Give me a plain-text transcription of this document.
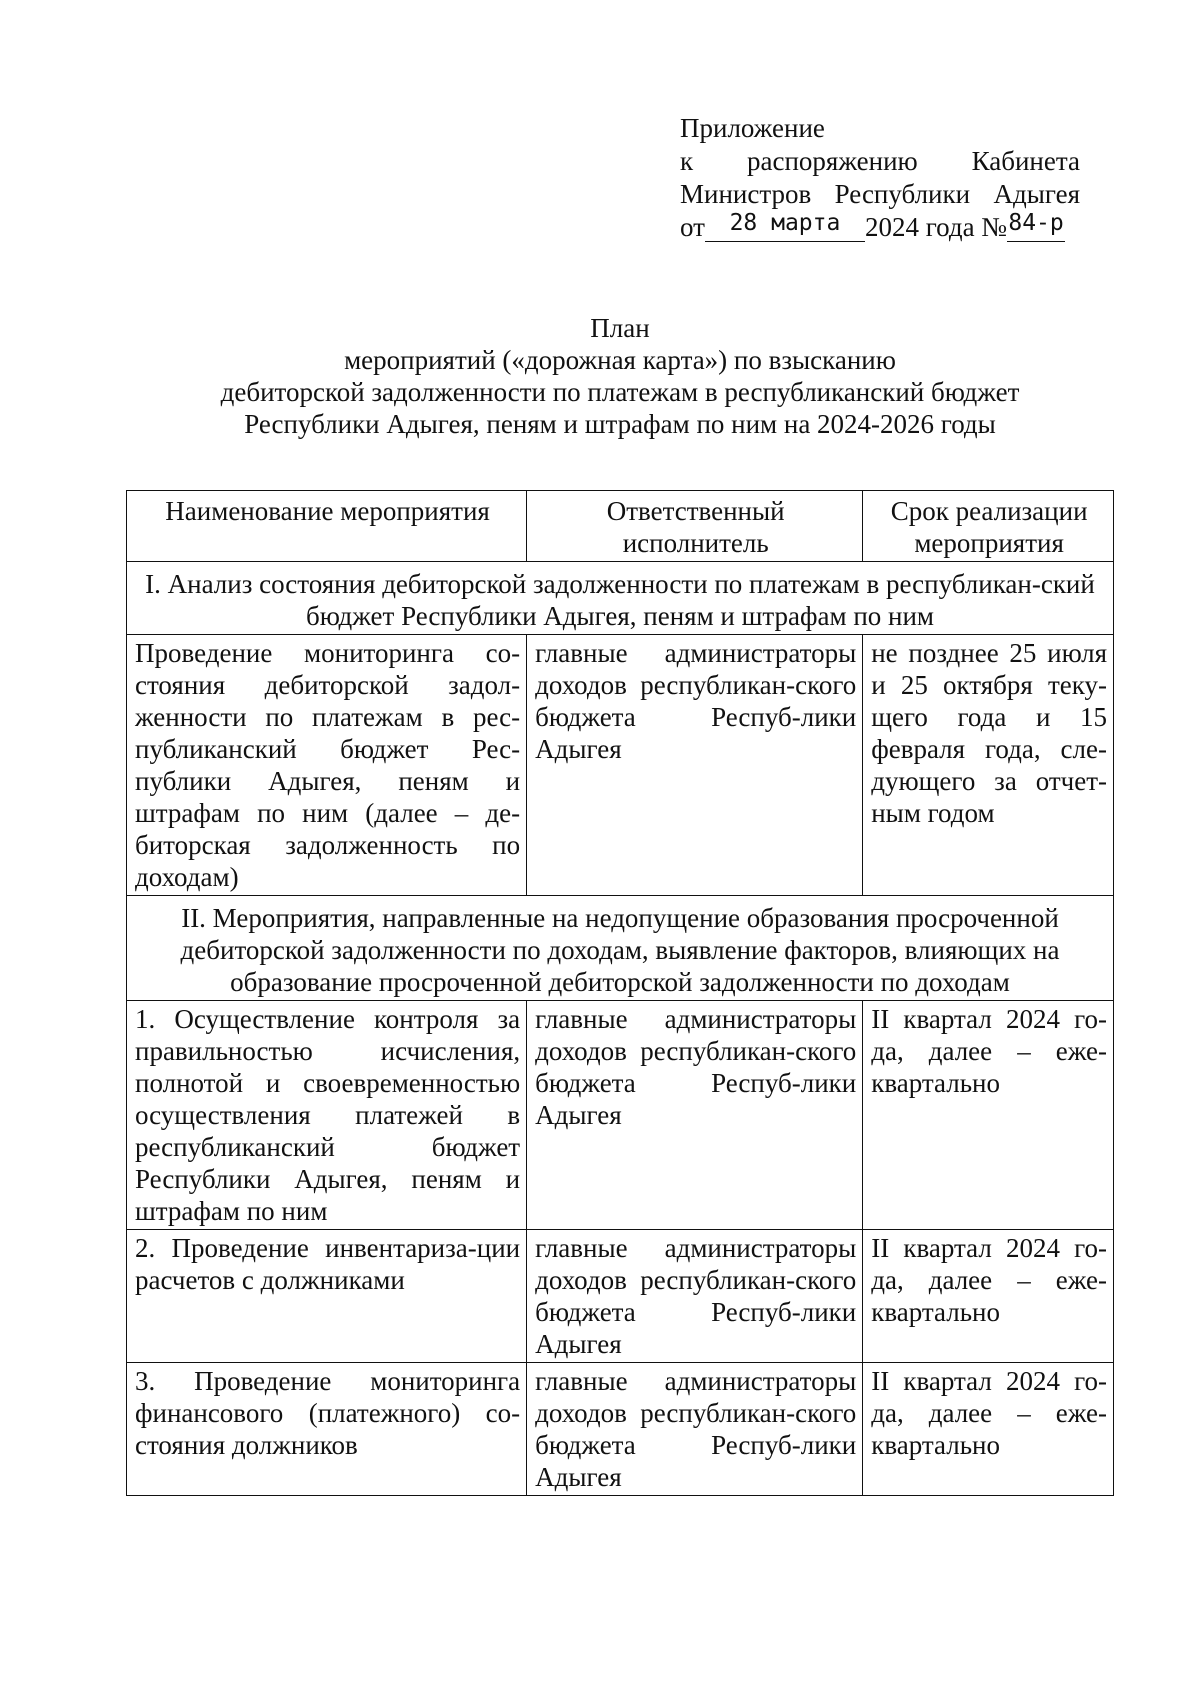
Приложение
к распоряжению Кабинета
Министров Республики Адыгея
от	28 марта 2024 года № 84-р
План
мероприятий («дорожная карта») по взысканию
дебиторской задолженности по платежам в республиканский бюджет
Республики Адыгея, пеням и штрафам по ним на 2024-2026 годы
Наименование мероприятия	Ответственный исполнитель	Срок реализации мероприятия
I. Анализ состояния дебиторской задолженности по платежам в республикан-ский бюджет Республики Адыгея, пеням и штрафам по ним		
Проведение мониторинга со-стояния дебиторской задол-женности по платежам в рес-публиканский бюджет Рес-публики Адыгея, пеням и штрафам по ним (далее – де-биторская задолженность по доходам)	главные администраторы доходов республикан-ского бюджета Респуб-лики Адыгея	не позднее 25 июля и 25 октября теку-щего года и 15 февраля года, сле-дующего за отчет-ным годом
II. Мероприятия, направленные на недопущение образования просроченной дебиторской задолженности по доходам, выявление факторов, влияющих на образование просроченной дебиторской задолженности по доходам		
1. Осуществление контроля за правильностью исчисления, полнотой и своевременностью осуществления платежей в республиканский бюджет Республики Адыгея, пеням и штрафам по ним	главные администраторы доходов республикан-ского бюджета Респуб-лики Адыгея	II квартал 2024 го-да, далее – еже-квартально
2. Проведение инвентариза-ции расчетов с должниками	главные администраторы доходов республикан-ского бюджета Респуб-лики Адыгея	II квартал 2024 го-да, далее – еже-квартально
3. Проведение мониторинга финансового (платежного) со-стояния должников	главные администраторы доходов республикан-ского бюджета Респуб-лики Адыгея	II квартал 2024 го-да, далее – еже-квартально
